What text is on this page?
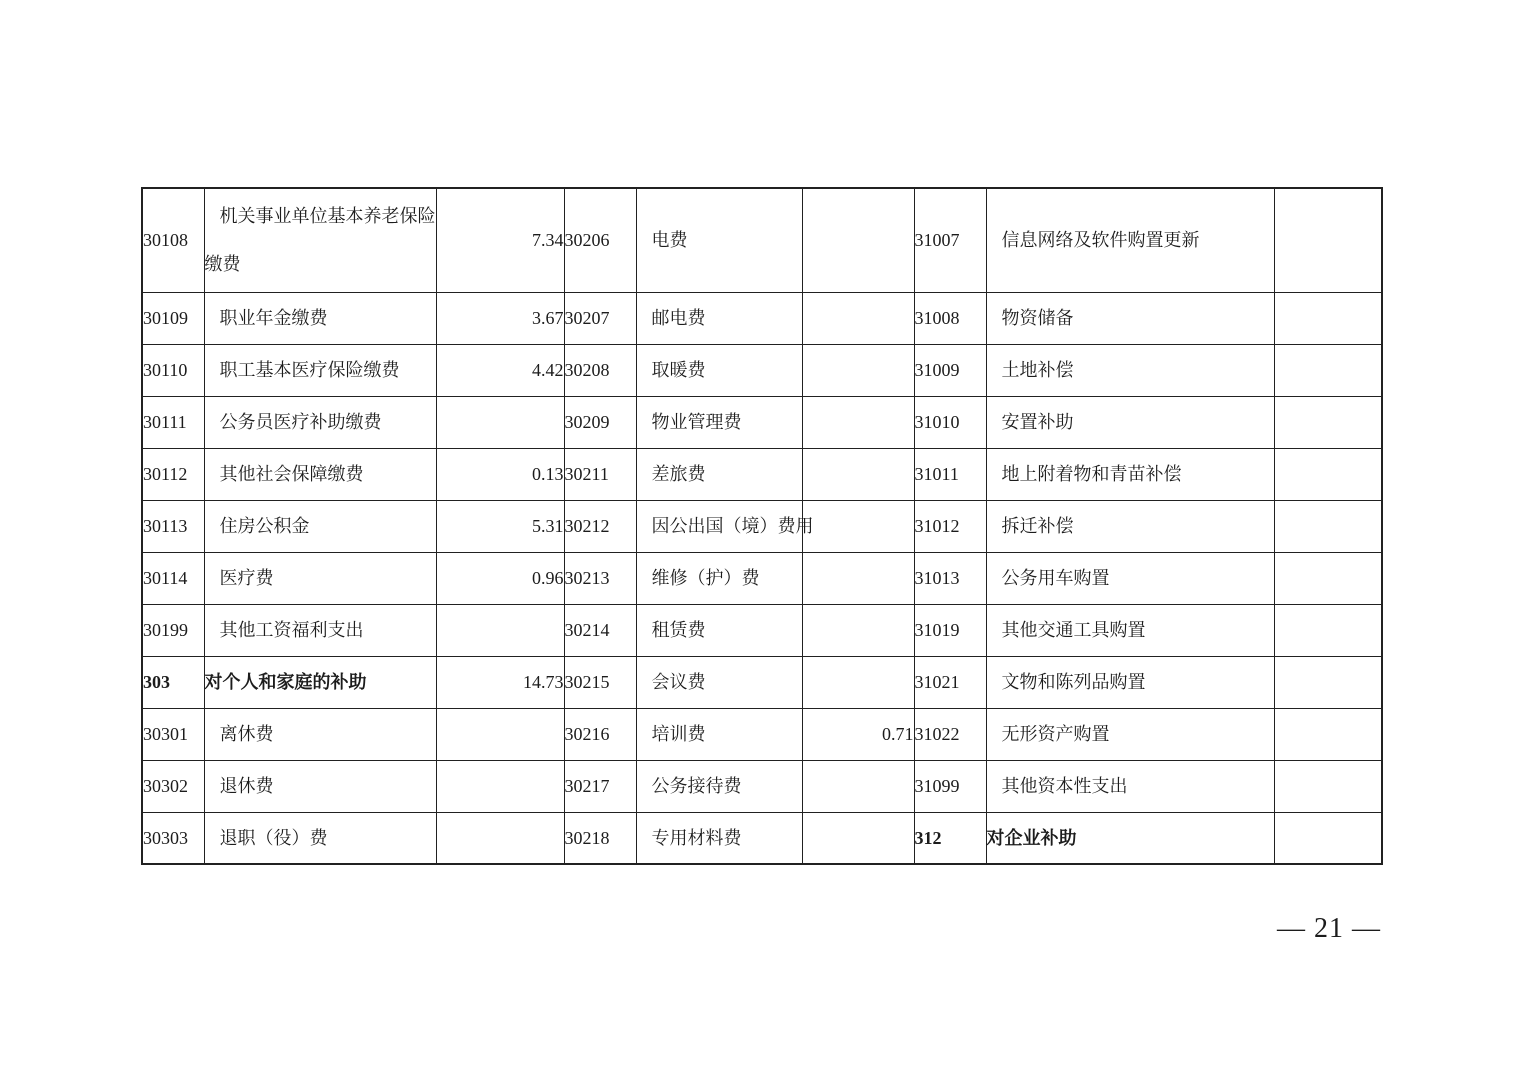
30108	机关事业单位基本养老保险缴费	7.34	30206	电费		31007	信息网络及软件购置更新	
30109	职业年金缴费	3.67	30207	邮电费		31008	物资储备	
30110	职工基本医疗保险缴费	4.42	30208	取暖费		31009	土地补偿	
30111	公务员医疗补助缴费		30209	物业管理费		31010	安置补助	
30112	其他社会保障缴费	0.13	30211	差旅费		31011	地上附着物和青苗补偿	
30113	住房公积金	5.31	30212	因公出国（境）费用		31012	拆迁补偿	
30114	医疗费	0.96	30213	维修（护）费		31013	公务用车购置	
30199	其他工资福利支出		30214	租赁费		31019	其他交通工具购置	
303	对个人和家庭的补助	14.73	30215	会议费		31021	文物和陈列品购置	
30301	离休费		30216	培训费	0.71	31022	无形资产购置	
30302	退休费		30217	公务接待费		31099	其他资本性支出	
30303	退职（役）费		30218	专用材料费		312	对企业补助	
— 21 —
